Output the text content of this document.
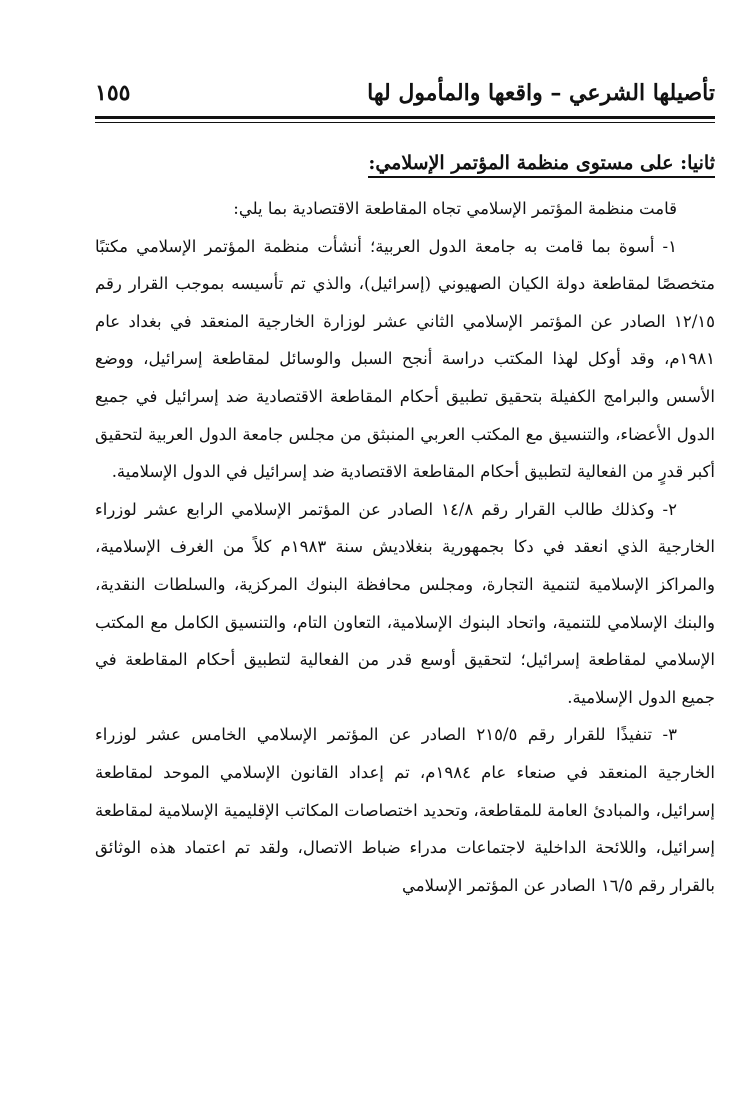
تأصيلها الشرعي – واقعها والمأمول لها
١٥٥
ثانيا: على مستوى منظمة المؤتمر الإسلامي:

قامت منظمة المؤتمر الإسلامي تجاه المقاطعة الاقتصادية بما يلي:

١- أسوة بما قامت به جامعة الدول العربية؛ أنشأت منظمة المؤتمر الإسلامي مكتبًا متخصصًا لمقاطعة دولة الكيان الصهيوني (إسرائيل)، والذي تم تأسيسه بموجب القرار رقم ١٢/١٥ الصادر عن المؤتمر الإسلامي الثاني عشر لوزارة الخارجية المنعقد في بغداد عام ١٩٨١م، وقد أوكل لهذا المكتب دراسة أنجح السبل والوسائل لمقاطعة إسرائيل، ووضع الأسس والبرامج الكفيلة بتحقيق تطبيق أحكام المقاطعة الاقتصادية ضد إسرائيل في جميع الدول الأعضاء، والتنسيق مع المكتب العربي المنبثق من مجلس جامعة الدول العربية لتحقيق أكبر قدرٍ من الفعالية لتطبيق أحكام المقاطعة الاقتصادية ضد إسرائيل في الدول الإسلامية.

٢- وكذلك طالب القرار رقم ١٤/٨ الصادر عن المؤتمر الإسلامي الرابع عشر لوزراء الخارجية الذي انعقد في دكا بجمهورية بنغلاديش سنة ١٩٨٣م كلاً من الغرف الإسلامية، والمراكز الإسلامية لتنمية التجارة، ومجلس محافظة البنوك المركزية، والسلطات النقدية، والبنك الإسلامي للتنمية، واتحاد البنوك الإسلامية، التعاون التام، والتنسيق الكامل مع المكتب الإسلامي لمقاطعة إسرائيل؛ لتحقيق أوسع قدر من الفعالية لتطبيق أحكام المقاطعة في جميع الدول الإسلامية.

٣- تنفيذًا للقرار رقم ٢١٥/٥ الصادر عن المؤتمر الإسلامي الخامس عشر لوزراء الخارجية المنعقد في صنعاء عام ١٩٨٤م، تم إعداد القانون الإسلامي الموحد لمقاطعة إسرائيل، والمبادئ العامة للمقاطعة، وتحديد اختصاصات المكاتب الإقليمية الإسلامية لمقاطعة إسرائيل، واللائحة الداخلية لاجتماعات مدراء ضباط الاتصال، ولقد تم اعتماد هذه الوثائق بالقرار رقم ١٦/٥ الصادر عن المؤتمر الإسلامي
